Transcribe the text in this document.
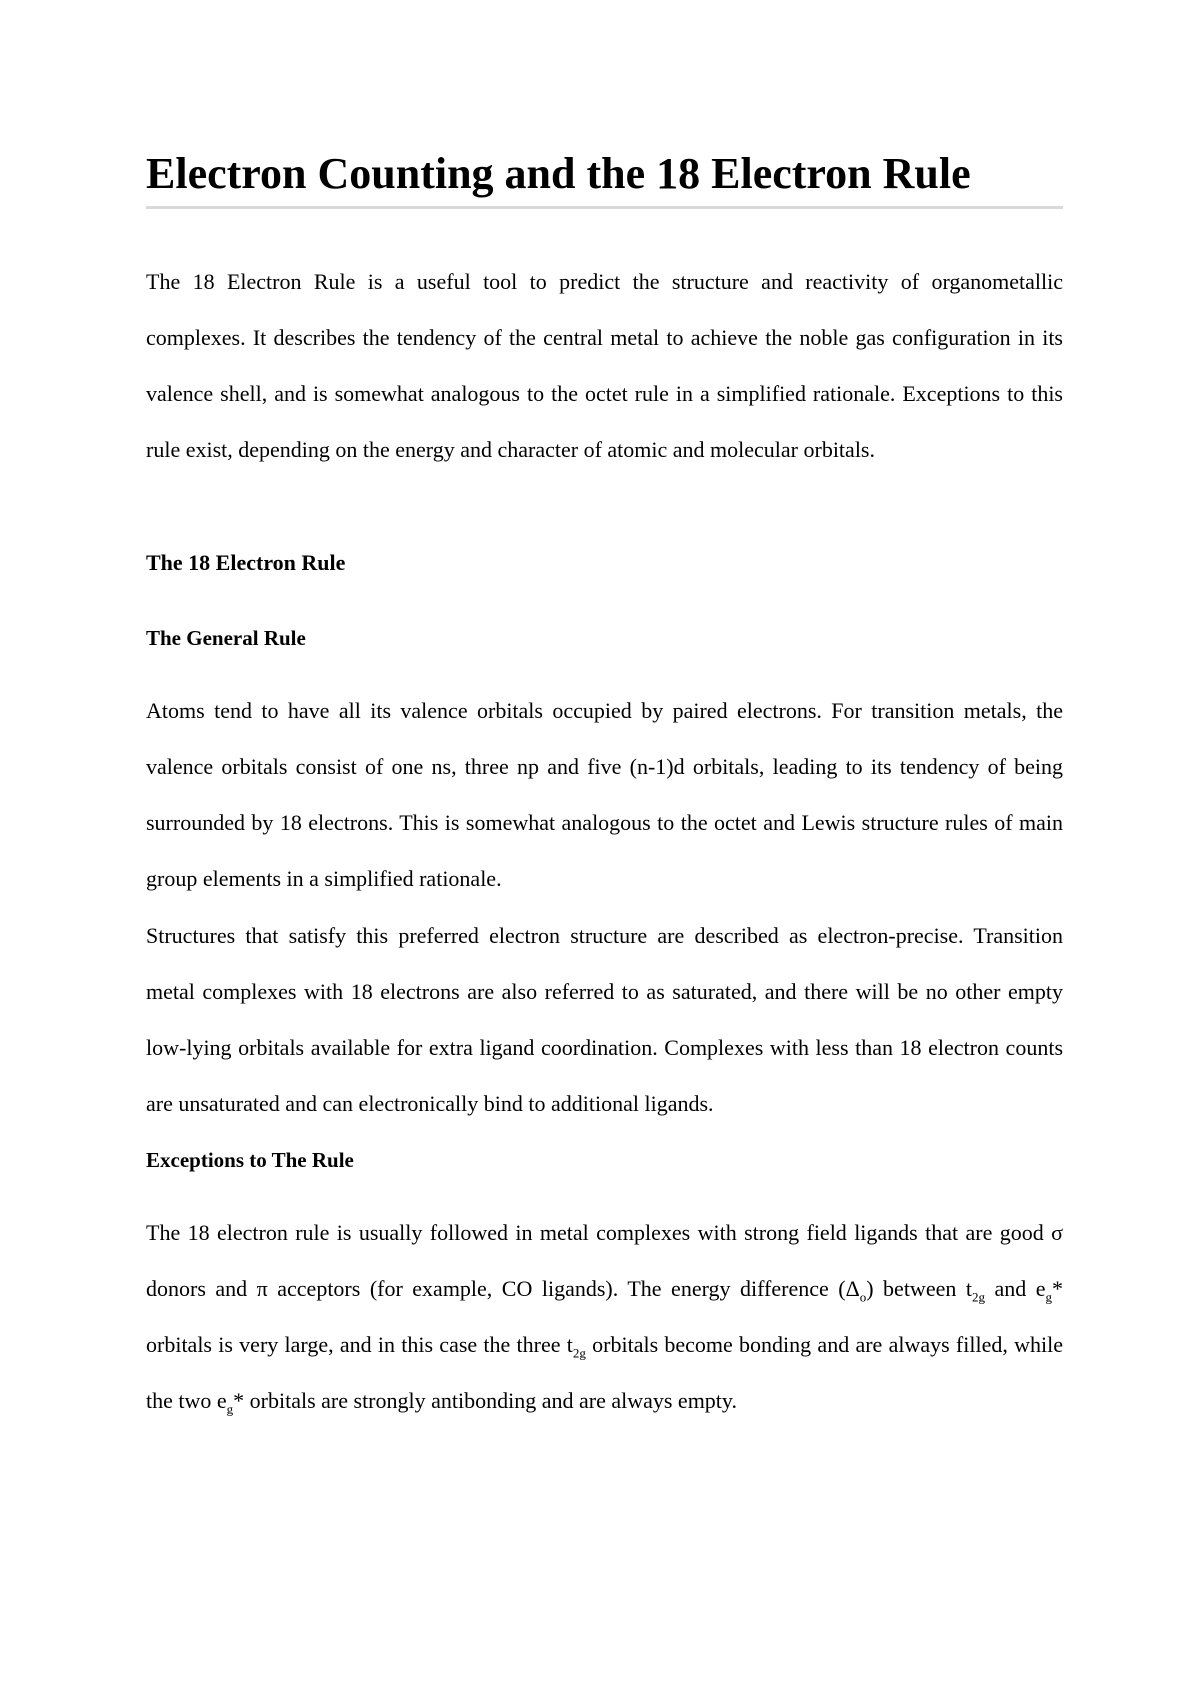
Electron Counting and the 18 Electron Rule

The 18 Electron Rule is a useful tool to predict the structure and reactivity of organometallic complexes. It describes the tendency of the central metal to achieve the noble gas configuration in its valence shell, and is somewhat analogous to the octet rule in a simplified rationale. Exceptions to this rule exist, depending on the energy and character of atomic and molecular orbitals.

The 18 Electron Rule
The General Rule

Atoms tend to have all its valence orbitals occupied by paired electrons. For transition metals, the valence orbitals consist of one ns, three np and five (n-1)d orbitals, leading to its tendency of being surrounded by 18 electrons. This is somewhat analogous to the octet and Lewis structure rules of main group elements in a simplified rationale.

Structures that satisfy this preferred electron structure are described as electron-precise. Transition metal complexes with 18 electrons are also referred to as saturated, and there will be no other empty low-lying orbitals available for extra ligand coordination. Complexes with less than 18 electron counts are unsaturated and can electronically bind to additional ligands.

Exceptions to The Rule

The 18 electron rule is usually followed in metal complexes with strong field ligands that are good σ donors and π acceptors (for example, CO ligands). The energy difference $(\Delta_o)$ between $t_{2g}$ and $e_g*$ orbitals is very large, and in this case the three $t_{2g}$ orbitals become bonding and are always filled, while the two $e_g*$ orbitals are strongly antibonding and are always empty.
